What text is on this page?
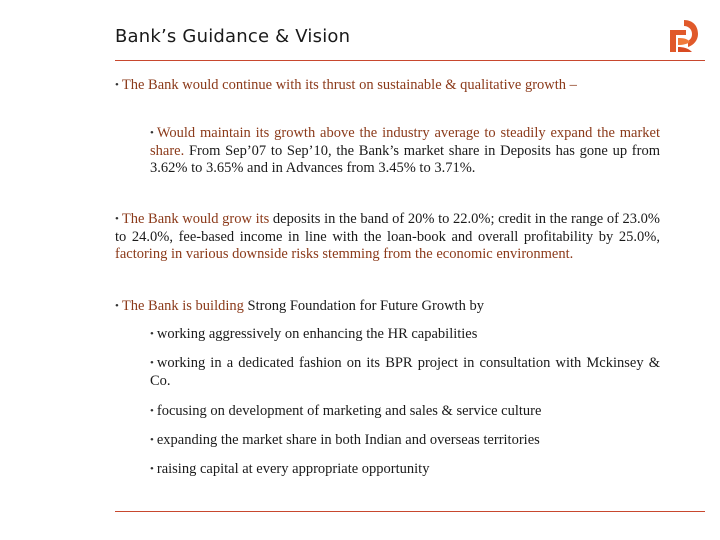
Bank’s Guidance & Vision

• The Bank would continue with its thrust on sustainable & qualitative growth –

• Would maintain its growth above the industry average to steadily expand the market share. From Sep’07 to Sep’10, the Bank’s market share in Deposits has gone up from 3.62% to 3.65% and in Advances from 3.45% to 3.71%.

• The Bank would grow its deposits in the band of 20% to 22.0%; credit in the range of 23.0% to 24.0%, fee-based income in line with the loan-book and overall profitability by 25.0%, factoring in various downside risks stemming from the economic environment.

• The Bank is building Strong Foundation for Future Growth by

• working aggressively on enhancing the HR capabilities

• working in a dedicated fashion on its BPR project in consultation with Mckinsey & Co.

• focusing on development of marketing and sales & service culture

• expanding the market share in both Indian and overseas territories

• raising capital at every appropriate opportunity
